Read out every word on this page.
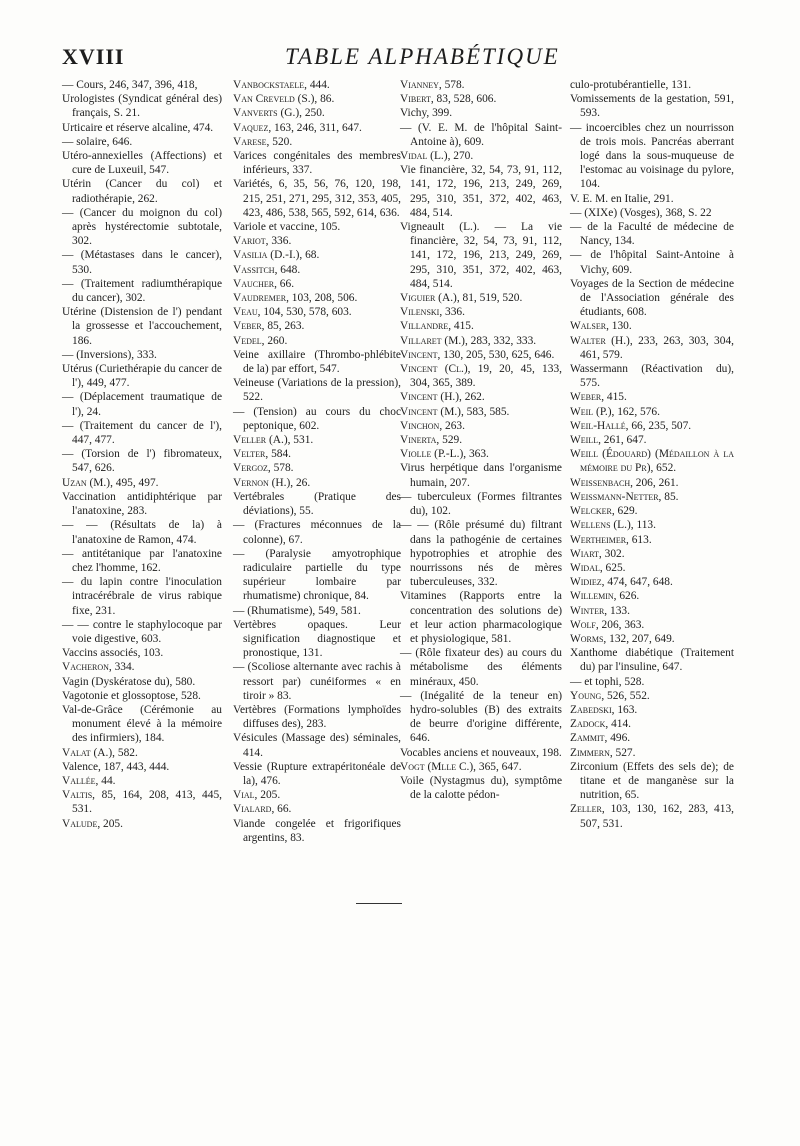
XVIII	TABLE ALPHABÉTIQUE

— Cours, 246, 347, 396, 418,

Urologistes (Syndicat général des) français, S. 21.

Urticaire et réserve alcaline, 474.

— solaire, 646.

Utéro-annexielles (Affections) et cure de Luxeuil, 547.

Utérin (Cancer du col) et radiothérapie, 262.

— (Cancer du moignon du col) après hystérectomie subtotale, 302.

— (Métastases dans le cancer), 530.

— (Traitement radiumthérapique du cancer), 302.

Utérine (Distension de l') pendant la grossesse et l'accouchement, 186.

— (Inversions), 333.

Utérus (Curiethérapie du cancer de l'), 449, 477.

— (Déplacement traumatique de l'), 24.

— (Traitement du cancer de l'), 447, 477.

— (Torsion de l') fibromateux, 547, 626.

Uzan (M.), 495, 497.

Vaccination antidiphtérique par l'anatoxine, 283.

— — (Résultats de la) à l'anatoxine de Ramon, 474.

— antitétanique par l'anatoxine chez l'homme, 162.

— du lapin contre l'inoculation intracérébrale de virus rabique fixe, 231.

— — contre le staphylocoque par voie digestive, 603.

Vaccins associés, 103.

Vacheron, 334.

Vagin (Dyskératose du), 580.

Vagotonie et glossoptose, 528.

Val-de-Grâce (Cérémonie au monument élevé à la mémoire des infirmiers), 184.

Valat (A.), 582.

Valence, 187, 443, 444.

Vallée, 44.

Valtis, 85, 164, 208, 413, 445, 531.

Valude, 205.

Vanbockstaele, 444.

Van Creveld (S.), 86.

Vanverts (G.), 250.

Vaquez, 163, 246, 311, 647.

Varese, 520.

Varices congénitales des membres inférieurs, 337.

Variétés, 6, 35, 56, 76, 120, 198, 215, 251, 271, 295, 312, 353, 405, 423, 486, 538, 565, 592, 614, 636.

Variole et vaccine, 105.

Variot, 336.

Vasilia (D.-I.), 68.

Vassitch, 648.

Vaucher, 66.

Vaudremer, 103, 208, 506.

Veau, 104, 530, 578, 603.

Veber, 85, 263.

Vedel, 260.

Veine axillaire (Thrombo-phlébite de la) par effort, 547.

Veineuse (Variations de la pression), 522.

— (Tension) au cours du choc peptonique, 602.

Veller (A.), 531.

Velter, 584.

Vergoz, 578.

Vernon (H.), 26.

Vertébrales (Pratique des déviations), 55.

— (Fractures méconnues de la colonne), 67.

— (Paralysie amyotrophique radiculaire partielle du type supérieur lombaire par rhumatisme) chronique, 84.

— (Rhumatisme), 549, 581.

Vertèbres opaques. Leur signification diagnostique et pronostique, 131.

— (Scoliose alternante avec rachis à ressort par) cunéiformes « en tiroir » 83.

Vertèbres (Formations lymphoïdes diffuses des), 283.

Vésicules (Massage des) séminales, 414.

Vessie (Rupture extrapéritonéale de la), 476.

Vial, 205.

Vialard, 66.

Viande congelée et frigorifiques argentins, 83.

Vianney, 578.

Vibert, 83, 528, 606.

Vichy, 399.

— (V. E. M. de l'hôpital Saint-Antoine à), 609.

Vidal (L.), 270.

Vie financière, 32, 54, 73, 91, 112, 141, 172, 196, 213, 249, 269, 295, 310, 351, 372, 402, 463, 484, 514.

Vigneault (L.). — La vie financière, 32, 54, 73, 91, 112, 141, 172, 196, 213, 249, 269, 295, 310, 351, 372, 402, 463, 484, 514.

Viguier (A.), 81, 519, 520.

Vilenski, 336.

Villandre, 415.

Villaret (M.), 283, 332, 333.

Vincent, 130, 205, 530, 625, 646.

Vincent (Cl.), 19, 20, 45, 133, 304, 365, 389.

Vincent (H.), 262.

Vincent (M.), 583, 585.

Vinchon, 263.

Vinerta, 529.

Violle (P.-L.), 363.

Virus herpétique dans l'organisme humain, 207.

— tuberculeux (Formes filtrantes du), 102.

— — (Rôle présumé du) filtrant dans la pathogénie de certaines hypotrophies et atrophie des nourrissons nés de mères tuberculeuses, 332.

Vitamines (Rapports entre la concentration des solutions de) et leur action pharmacologique et physiologique, 581.

— (Rôle fixateur des) au cours du métabolisme des éléments minéraux, 450.

— (Inégalité de la teneur en) hydro-solubles (B) des extraits de beurre d'origine différente, 646.

Vocables anciens et nouveaux, 198.

Vogt (Mlle C.), 365, 647.

Voile (Nystagmus du), symptôme de la calotte pédon-

culo-protubérantielle, 131.

Vomissements de la gestation, 591, 593.

— incoercibles chez un nourrisson de trois mois. Pancréas aberrant logé dans la sous-muqueuse de l'estomac au voisinage du pylore, 104.

V. E. M. en Italie, 291.

— (XIXe) (Vosges), 368, S. 22

— de la Faculté de médecine de Nancy, 134.

— de l'hôpital Saint-Antoine à Vichy, 609.

Voyages de la Section de médecine de l'Association générale des étudiants, 608.

Walser, 130.

Walter (H.), 233, 263, 303, 304, 461, 579.

Wassermann (Réactivation du), 575.

Weber, 415.

Weil (P.), 162, 576.

Weil-Hallé, 66, 235, 507.

Weill, 261, 647.

Weill (Édouard) (Médaillon à la mémoire du Pr), 652.

Weissenbach, 206, 261.

Weissmann-Netter, 85.

Welcker, 629.

Wellens (L.), 113.

Wertheimer, 613.

Wiart, 302.

Widal, 625.

Widiez, 474, 647, 648.

Willemin, 626.

Winter, 133.

Wolf, 206, 363.

Worms, 132, 207, 649.

Xanthome diabétique (Traitement du) par l'insuline, 647.

— et tophi, 528.

Young, 526, 552.

Zabedski, 163.

Zadock, 414.

Zammit, 496.

Zimmern, 527.

Zirconium (Effets des sels de); de titane et de manganèse sur la nutrition, 65.

Zeller, 103, 130, 162, 283, 413, 507, 531.
